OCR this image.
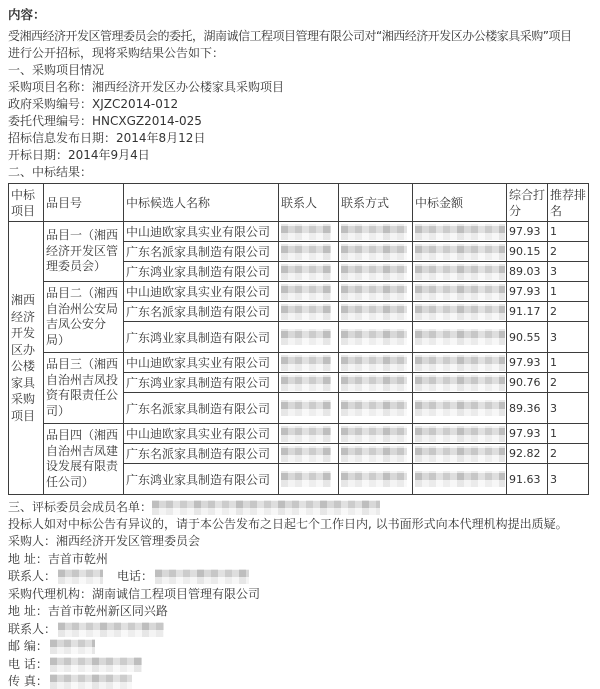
内容：
受湘西经济开发区管理委员会的委托，湖南诚信工程项目管理有限公司对“湘西经济开发区办公楼家具采购”项目
进行公开招标，现将采购结果公告如下：
一、采购项目情况
采购项目名称：湘西经济开发区办公楼家具采购项目
政府采购编号：XJZC2014-012
委托代理编号：HNCXGZ2014-025
招标信息发布日期：2014年8月12日
开标日期：2014年9月4日
二、中标结果：
中标项目	品目号	中标候选人名称	联系人	联系方式	中标金额	综合打分	推荐排名
湘西经济开发区办公楼家具采购项目	品目一（湘西经济开发区管理委员会）	中山迪欧家具实业有限公司				97.93	1
		广东名派家具制造有限公司				90.15	2
		广东鸿业家具制造有限公司				89.03	3
	品目二（湘西自治州公安局吉凤公安分局）	中山迪欧家具实业有限公司				97.93	1
		广东名派家具制造有限公司				91.17	2
		广东鸿业家具制造有限公司				90.55	3
	品目三（湘西自治州吉凤投资有限责任公司）	中山迪欧家具实业有限公司				97.93	1
		广东鸿业家具制造有限公司				90.76	2
		广东名派家具制造有限公司				89.36	3
	品目四（湘西自治州吉凤建设发展有限责任公司）	中山迪欧家具实业有限公司				97.93	1
		广东名派家具制造有限公司				92.82	2
		广东鸿业家具制造有限公司				91.63	3
三、评标委员会成员名单：
投标人如对中标公告有异议的，请于本公告发布之日起七个工作日内, 以书面形式向本代理机构提出质疑。
采购人：湘西经济开发区管理委员会
地 址：吉首市乾州
联系人：	　电话：
采购代理机构：湖南诚信工程项目管理有限公司
地 址：吉首市乾州新区同兴路
联系人：
邮 编：
电 话：
传 真：
